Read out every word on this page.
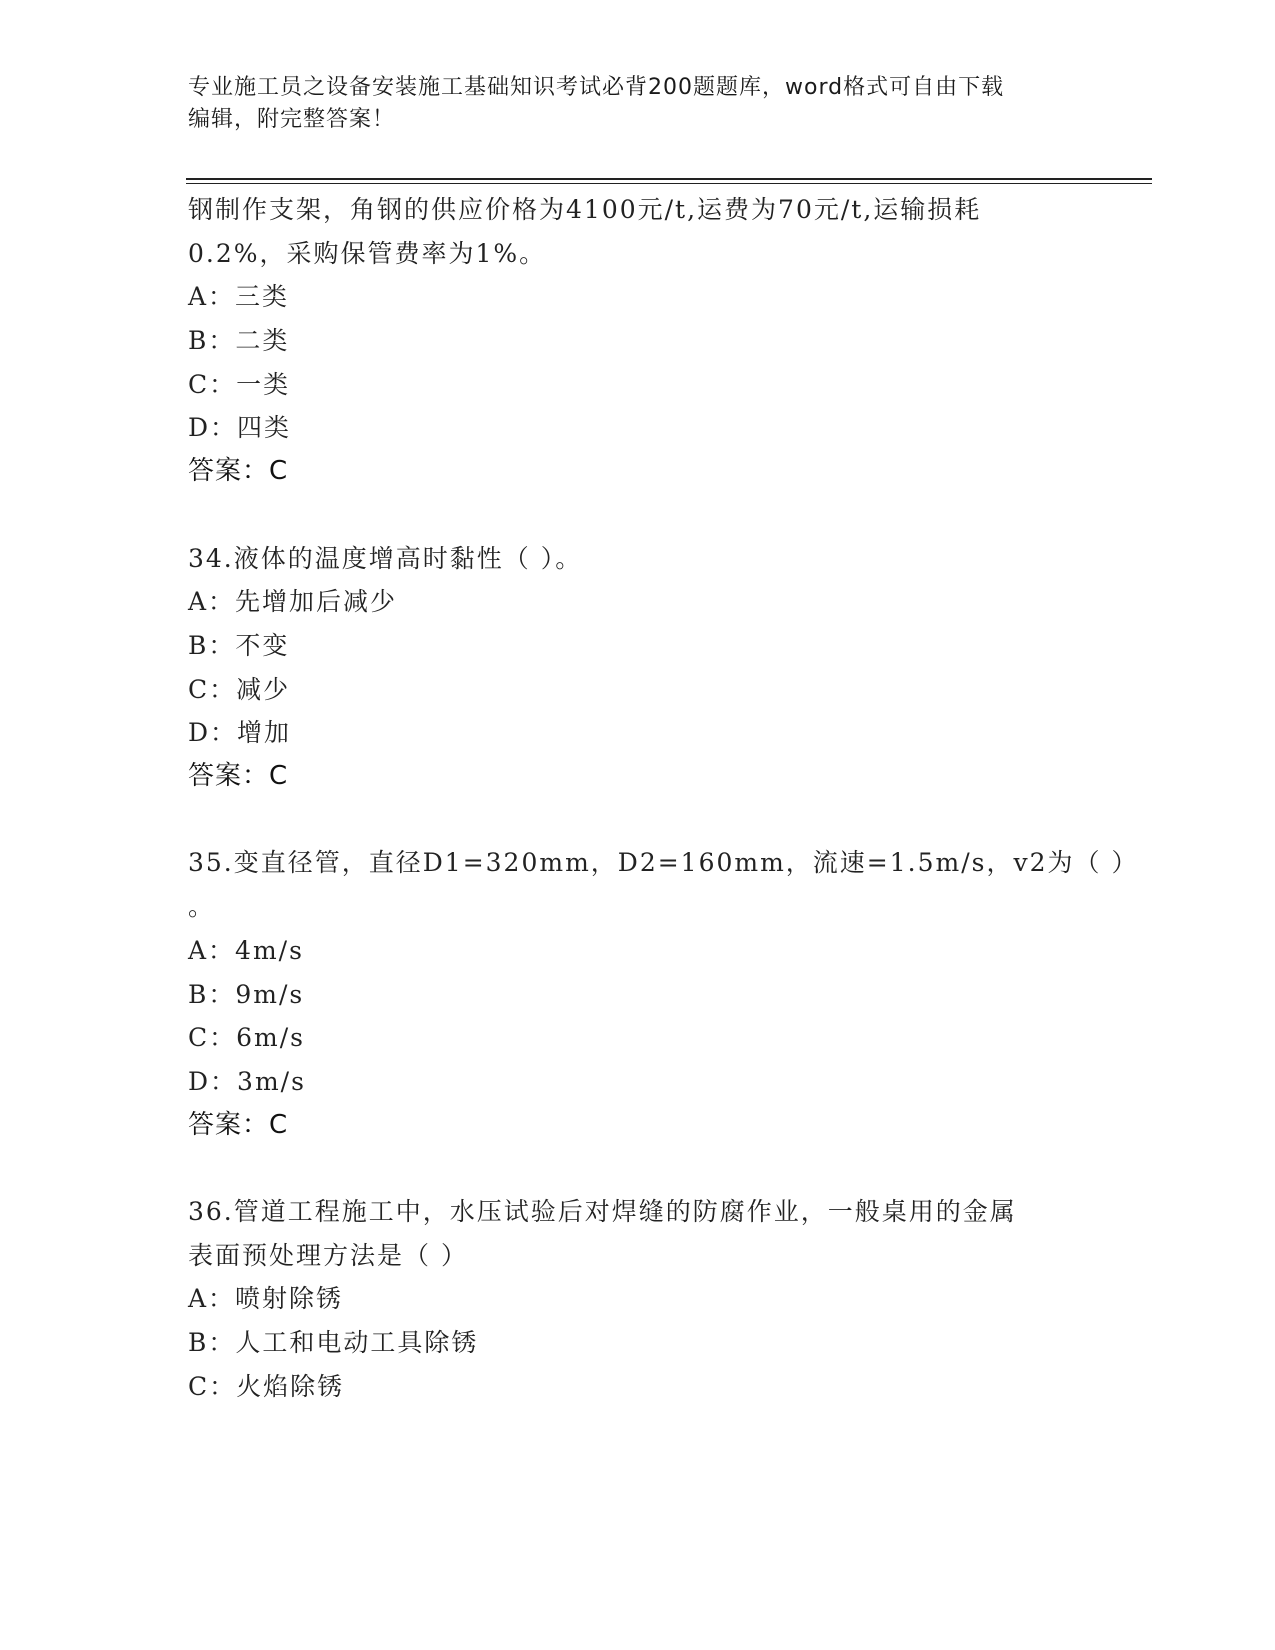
专业施工员之设备安装施工基础知识考试必背200题题库，word格式可自由下载
编辑，附完整答案！
钢制作支架，角钢的供应价格为4100元/t,运费为70元/t,运输损耗
0.2%，采购保管费率为1%。
A：三类
B：二类
C：一类
D：四类
答案：C
34.液体的温度增高时黏性（ ）。
A：先增加后减少
B：不变
C：减少
D：增加
答案：C
35.变直径管，直径D1=320mm，D2=160mm，流速=1.5m/s，v2为（ ）
。
A：4m/s
B：9m/s
C：6m/s
D：3m/s
答案：C
36.管道工程施工中，水压试验后对焊缝的防腐作业，一般桌用的金属
表面预处理方法是（ ）
A：喷射除锈
B：人工和电动工具除锈
C：火焰除锈
